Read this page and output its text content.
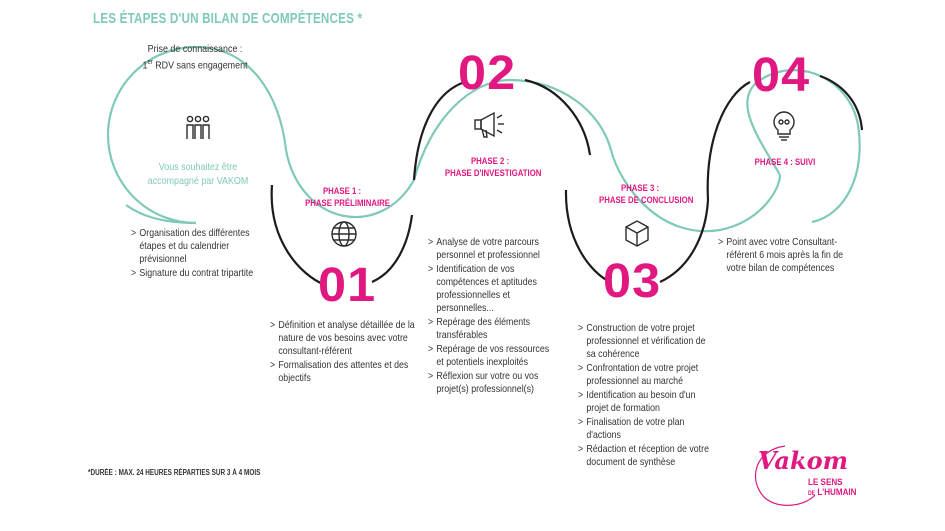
LES ÉTAPES D'UN BILAN DE COMPÉTENCES *
Prise de connaissance :
1er RDV sans engagement
Vous souhaitez être accompagné par VAKOM
> Organisation des différentes étapes et du calendrier prévisionnel
> Signature du contrat tripartite
PHASE 1 :
PHASE PRÉLIMINAIRE
01
> Définition et analyse détaillée de la nature de vos besoins avec votre consultant-référent
> Formalisation des attentes et des objectifs
02
PHASE 2 :
PHASE D'INVESTIGATION
> Analyse de votre parcours personnel et professionnel
> Identification de vos compétences et aptitudes professionnelles et personnelles...
> Repérage des éléments transférables
> Repérage de vos ressources et potentiels inexploités
> Réflexion sur votre ou vos projet(s) professionnel(s)
PHASE 3 :
PHASE DE CONCLUSION
03
> Construction de votre projet professionnel et vérification de sa cohérence
> Confrontation de votre projet professionnel au marché
> Identification au besoin d'un projet de formation
> Finalisation de votre plan d'actions
> Rédaction et réception de votre document de synthèse
04
PHASE 4 : SUIVI
> Point avec votre Consultant-référent 6 mois après la fin de votre bilan de compétences
*DURÉE : MAX. 24 HEURES RÉPARTIES SUR 3 À 4 MOIS	Vakom
LE SENS
DE L'HUMAIN
